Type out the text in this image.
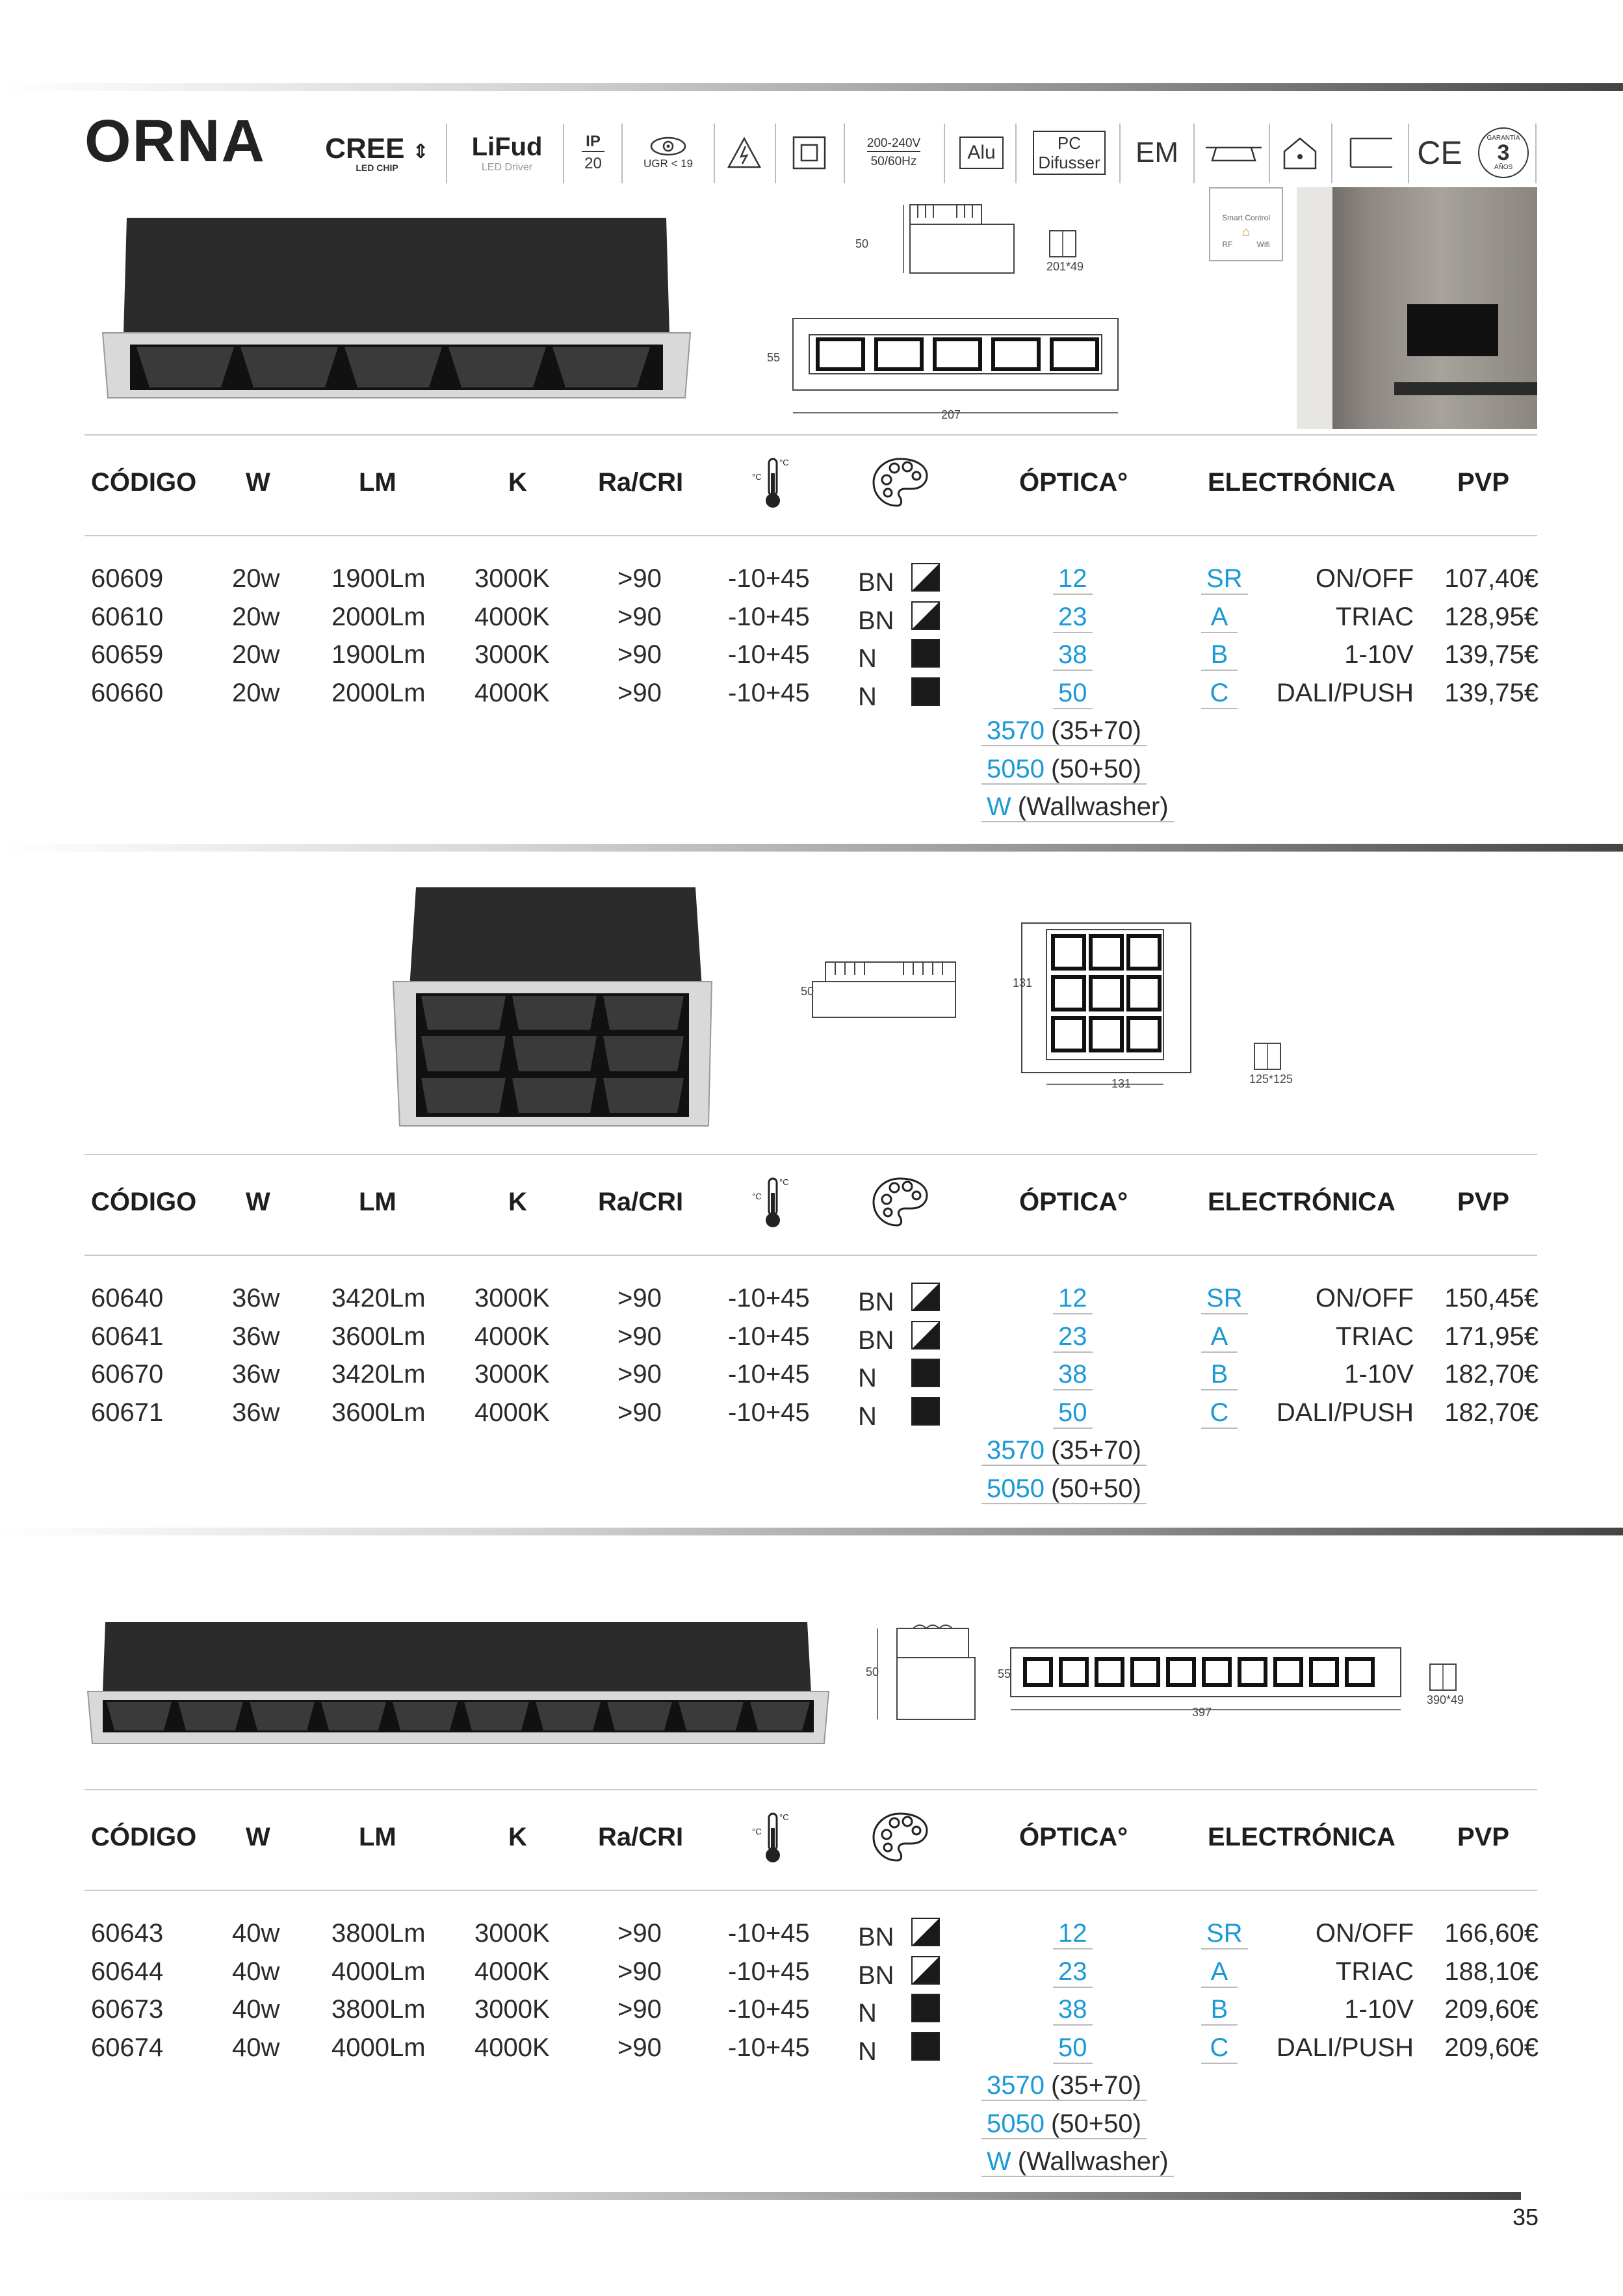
ORNA CREE ⇕
LED CHIP
LiFud
LED Driver
IP
20	UGR < 19
200-240V
50/60Hz	Alu	PC
Difusser EM	CE	GARANTÍA
3
AÑOS
50
201*49
55
207
Smart Control
⌂
RF	Wifi
50
131
131	125*125
50	55
397
390*49
CÓDIGO W	LM	K	Ra/CRI	ÓPTICA°	ELECTRÓNICA PVP
°C
°C
60609	20w 1900Lm 3000K	>90	-10+45 BN	12	SR	ON/OFF 107,40€
60610	20w 2000Lm 4000K	>90	-10+45 BN	23	A	TRIAC 128,95€
60659	20w 1900Lm 3000K	>90	-10+45 N	38	B	1-10V 139,75€
60660	20w 2000Lm 4000K	>90	-10+45 N	50	C	DALI/PUSH 139,75€
3570 (35+70)
5050 (50+50)
W (Wallwasher)
CÓDIGO W	LM	K	Ra/CRI	ÓPTICA°	ELECTRÓNICA PVP
°C
°C
60640	36w 3420Lm 3000K	>90	-10+45 BN	12	SR	ON/OFF 150,45€
60641	36w 3600Lm 4000K	>90	-10+45 BN	23	A	TRIAC 171,95€
60670	36w 3420Lm 3000K	>90	-10+45 N	38	B	1-10V 182,70€
60671	36w 3600Lm 4000K	>90	-10+45 N	50	C	DALI/PUSH 182,70€
3570 (35+70)
5050 (50+50)
CÓDIGO W	LM	K	Ra/CRI	ÓPTICA°	ELECTRÓNICA PVP
°C
°C
60643	40w 3800Lm 3000K	>90	-10+45 BN	12	SR	ON/OFF 166,60€
60644	40w 4000Lm 4000K	>90	-10+45 BN	23	A	TRIAC 188,10€
60673	40w 3800Lm 3000K	>90	-10+45 N	38	B	1-10V 209,60€
60674	40w 4000Lm 4000K	>90	-10+45 N	50	C	DALI/PUSH 209,60€
3570 (35+70)
5050 (50+50)
W (Wallwasher)
35
